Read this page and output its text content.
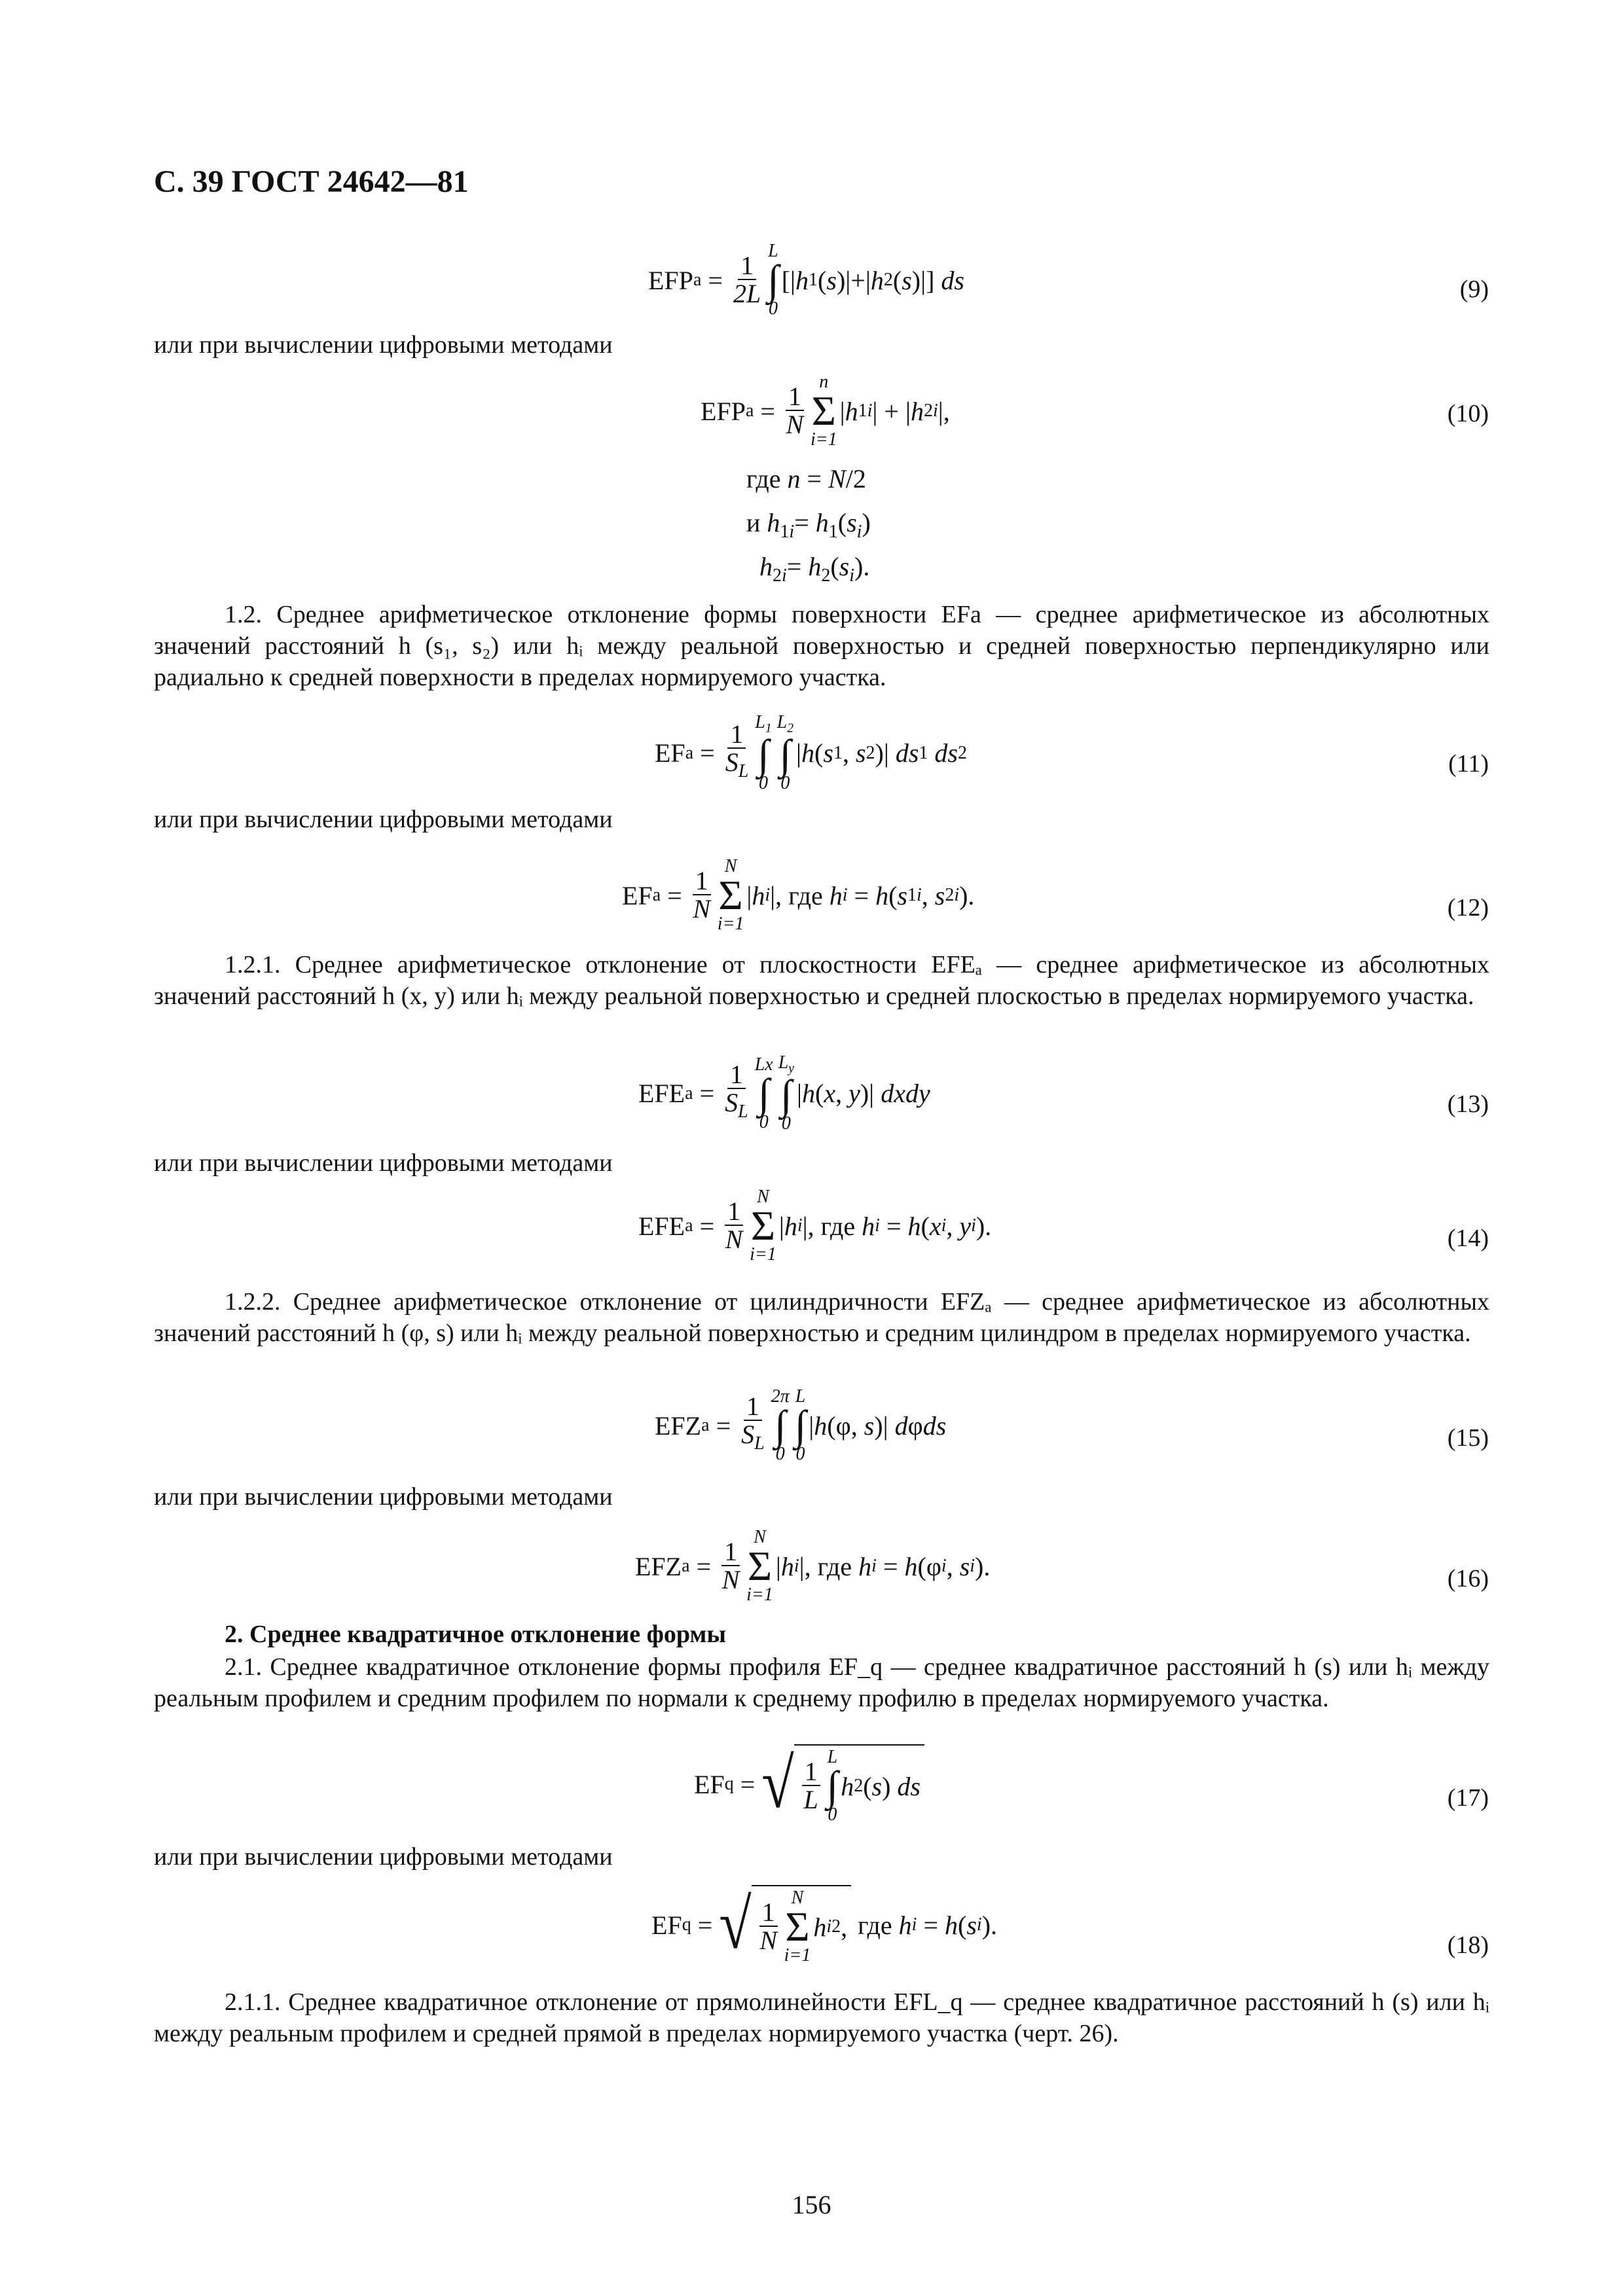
С. 39 ГОСТ 24642—81
EFP $a = \frac{1}{2L}$
L
∫
0
[| h 1 ( s )|+| h 2 ( s )|] ds	(9)
или при вычислении цифровыми методами
EFP $a = \frac{1}{N}$
n
Σ
i=1
| h 1i | + | h 2i |,	(10)
где n = N/2
и $h_{1i}= h_1(s_i)$
$h_{2i}= h_2(s_i)$.
1.2. Среднее арифметическое отклонение формы поверхности EFa — среднее арифметическое из абсолютных значений расстояний h (s₁, s₂) или hᵢ между реальной поверхностью и средней поверхностью перпендикулярно или радиально к средней поверхности в пределах нормируемого участка.
EF $a = \frac{1}{S_L} L_1$
∫
0
$L_2$
∫
0
| h ( s 1 , s 2 )| ds 1
ds 2	(11)
или при вычислении цифровыми методами
EF $a = \frac{1}{N}$
N
Σ
i=1
| h i |, где
h i = h ( s 1i , s 2i ).	(12)
1.2.1. Среднее арифметическое отклонение от плоскостности EFEₐ — среднее арифметическое из абсолютных значений расстояний h (x, y) или hᵢ между реальной поверхностью и средней плоскостью в пределах нормируемого участка.
EFE $a = \frac{1}{S_L}$ Lx
∫
0
$L_y$
∫
0
| h ( x , y )| dxdy	(13)
или при вычислении цифровыми методами
EFE $a = \frac{1}{N}$
N
Σ
i=1
| h i |, где
h i = h ( x i , y i ).	(14)
1.2.2. Среднее арифметическое отклонение от цилиндричности EFZₐ — среднее арифметическое из абсолютных значений расстояний h (φ, s) или hᵢ между реальной поверхностью и средним цилиндром в пределах нормируемого участка.
EFZ $a = \frac{1}{S_L} 2\pi$
∫
0
L
∫
0
| h (φ, s )| d φ ds	(15)
или при вычислении цифровыми методами
EFZ $a = \frac{1}{N}$
N
Σ
i=1
| h i |, где
h i = h (φ i , s i ).	(16)
2. Среднее квадратичное отклонение формы
2.1. Среднее квадратичное отклонение формы профиля EF_q — среднее квадратичное расстояний h (s) или hᵢ между реальным профилем и средним профилем по нормали к среднему профилю в пределах нормируемого участка.
EF q = √ $\frac{1}{L}$
L
∫
0
h 2 ( s ) ds	(17)
или при вычислении цифровыми методами
EF q = √ $\frac{1}{N}$
N
Σ
i=1
h i 2 ,
где
h i = h ( s i ).
(18)
2.1.1. Среднее квадратичное отклонение от прямолинейности EFL_q — среднее квадратичное расстояний h (s) или hᵢ между реальным профилем и средней прямой в пределах нормируемого участка (черт. 26).
156
